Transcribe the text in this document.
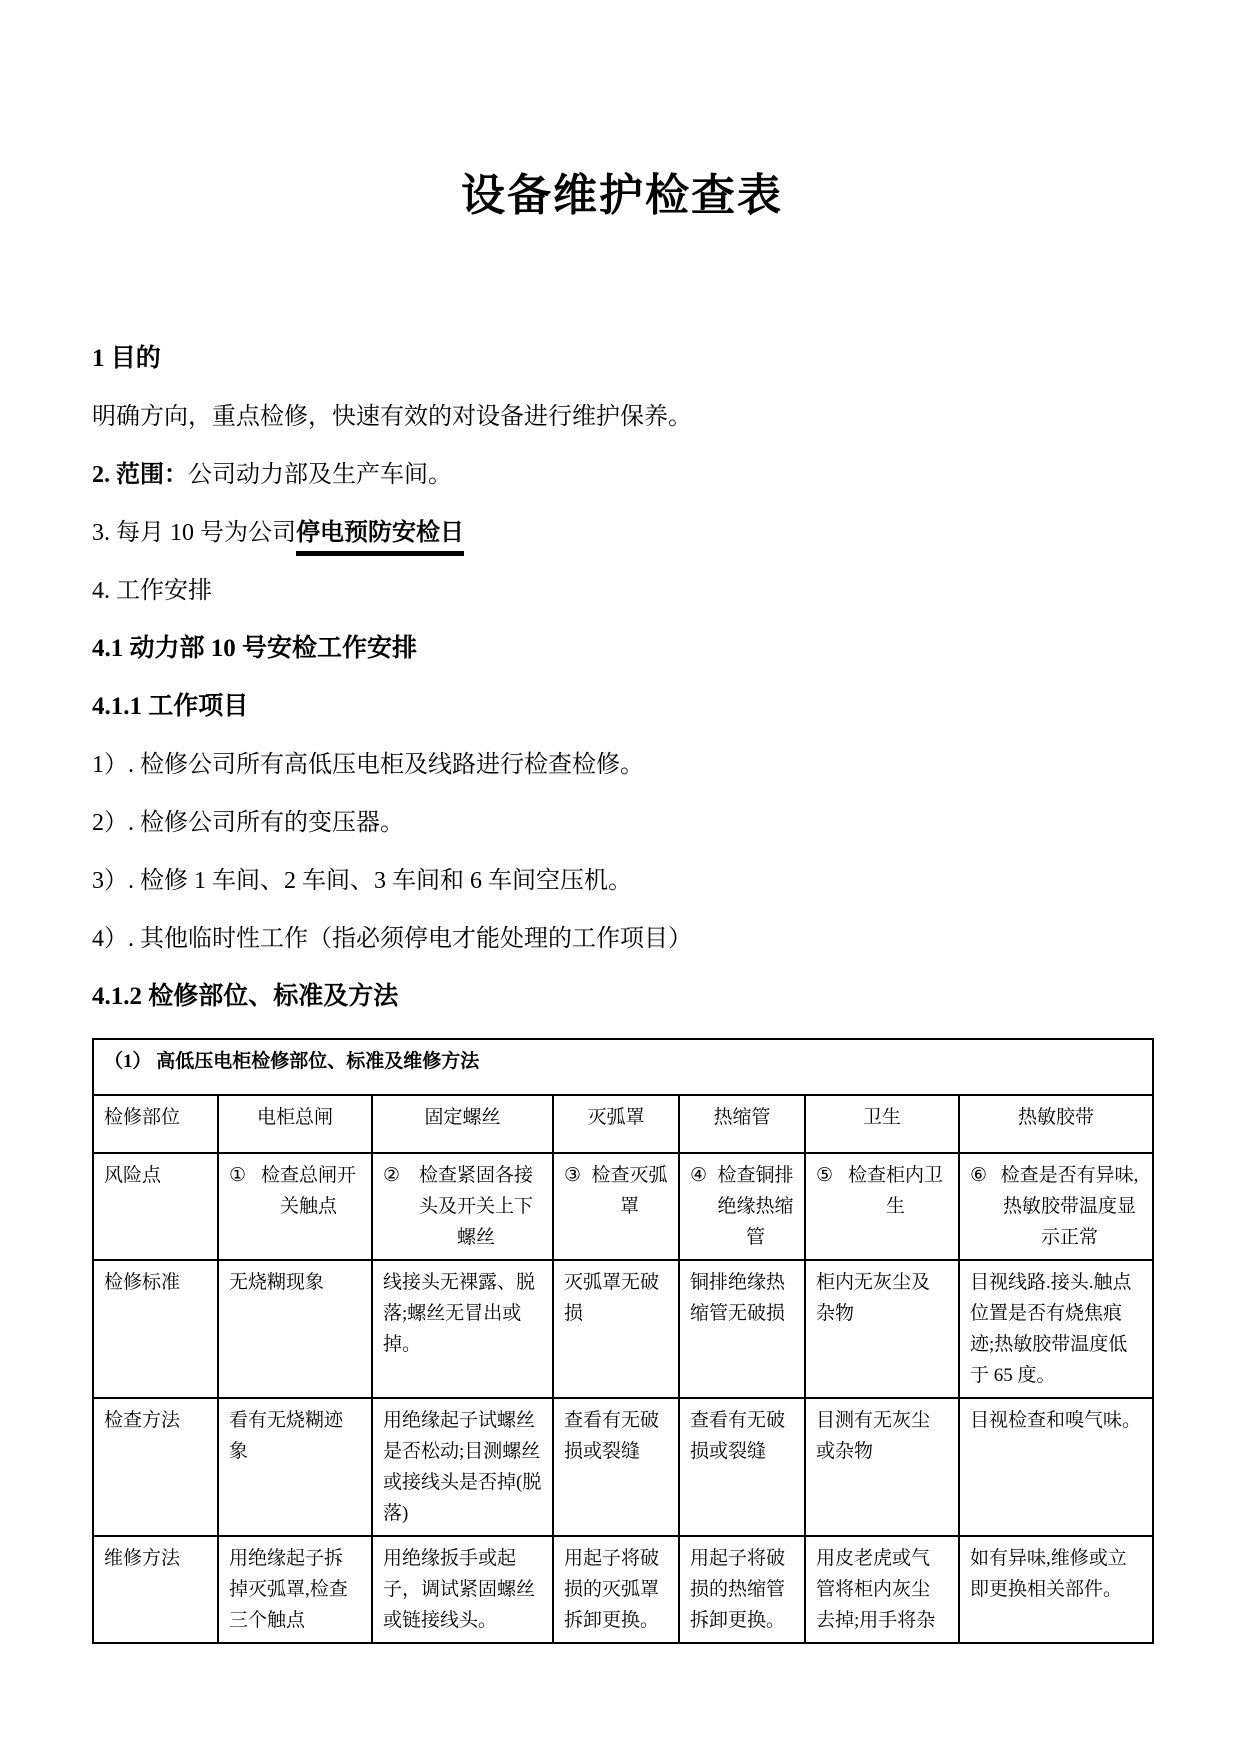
设备维护检查表

1 目的

明确方向，重点检修，快速有效的对设备进行维护保养。

2. 范围：公司动力部及生产车间。

3. 每月 10 号为公司停电预防安检日

4. 工作安排

4.1 动力部 10 号安检工作安排

4.1.1 工作项目

1）. 检修公司所有高低压电柜及线路进行检查检修。

2）. 检修公司所有的变压器。

3）. 检修 1 车间、2 车间、3 车间和 6 车间空压机。

4）. 其他临时性工作（指必须停电才能处理的工作项目）

4.1.2 检修部位、标准及方法

（1） 高低压电柜检修部位、标准及维修方法						
检修部位	电柜总闸	固定螺丝	灭弧罩	热缩管	卫生	热敏胶带
风险点	① 检查总闸开关触点	② 检查紧固各接头及开关上下螺丝	③ 检查灭弧罩	④ 检查铜排绝缘热缩管	⑤ 检查柜内卫生	⑥ 检查是否有异味,热敏胶带温度显示正常

检修标准	无烧糊现象	线接头无裸露、脱落;螺丝无冒出或掉。	灭弧罩无破损	铜排绝缘热缩管无破损	柜内无灰尘及杂物	目视线路.接头.触点位置是否有烧焦痕迹;热敏胶带温度低于 65 度。
检查方法	看有无烧糊迹象	用绝缘起子试螺丝是否松动;目测螺丝或接线头是否掉(脱落)	查看有无破损或裂缝	查看有无破损或裂缝	目测有无灰尘或杂物	目视检查和嗅气味。
维修方法	用绝缘起子拆掉灭弧罩,检查三个触点	用绝缘扳手或起子，调试紧固螺丝或链接线头。	用起子将破损的灭弧罩拆卸更换。	用起子将破损的热缩管拆卸更换。	用皮老虎或气管将柜内灰尘去掉;用手将杂	如有异味,维修或立即更换相关部件。
